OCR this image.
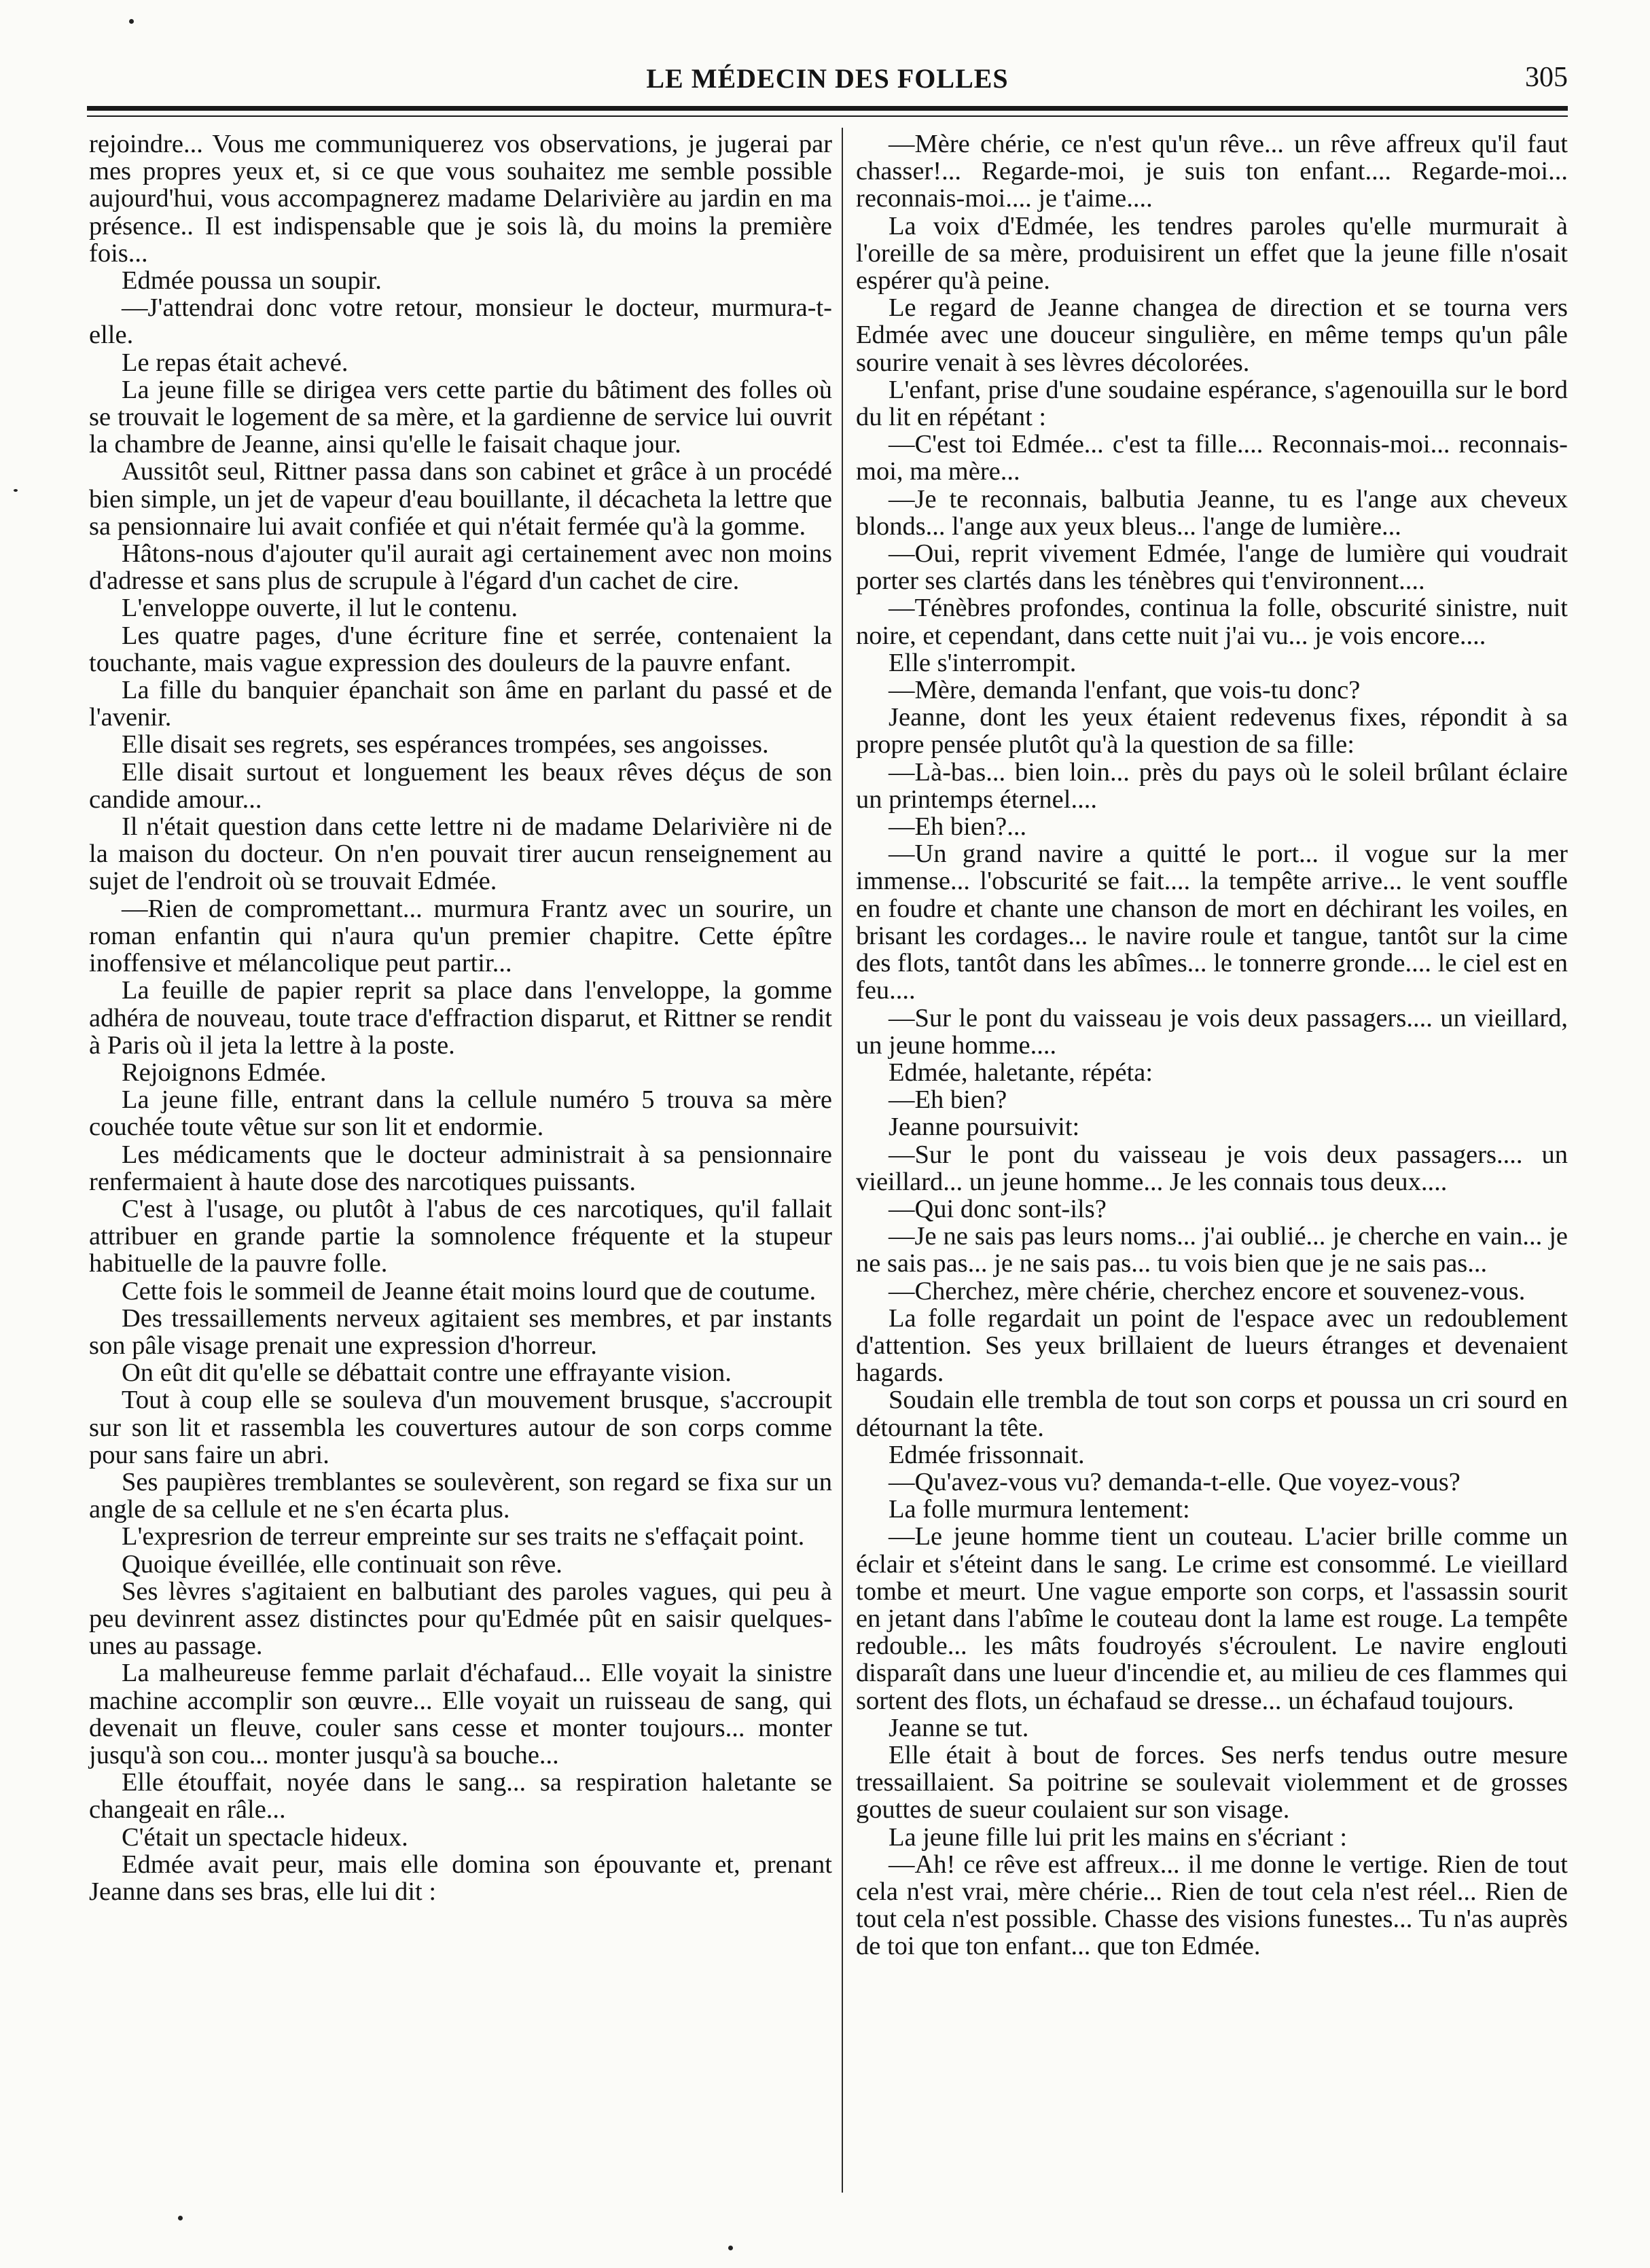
LE MÉDECIN DES FOLLES	305

rejoindre... Vous me communiquerez vos observations, je jugerai par mes propres yeux et, si ce que vous souhaitez me semble possible aujourd'hui, vous accompagnerez madame Delarivière au jardin en ma présence.. Il est indispensable que je sois là, du moins la première fois...

Edmée poussa un soupir.

—J'attendrai donc votre retour, monsieur le docteur, murmura-t-elle.

Le repas était achevé.

La jeune fille se dirigea vers cette partie du bâtiment des folles où se trouvait le logement de sa mère, et la gardienne de service lui ouvrit la chambre de Jeanne, ainsi qu'elle le faisait chaque jour.

Aussitôt seul, Rittner passa dans son cabinet et grâce à un procédé bien simple, un jet de vapeur d'eau bouillante, il décacheta la lettre que sa pensionnaire lui avait confiée et qui n'était fermée qu'à la gomme.

Hâtons-nous d'ajouter qu'il aurait agi certainement avec non moins d'adresse et sans plus de scrupule à l'égard d'un cachet de cire.

L'enveloppe ouverte, il lut le contenu.

Les quatre pages, d'une écriture fine et serrée, contenaient la touchante, mais vague expression des douleurs de la pauvre enfant.

La fille du banquier épanchait son âme en parlant du passé et de l'avenir.

Elle disait ses regrets, ses espérances trompées, ses angoisses.

Elle disait surtout et longuement les beaux rêves déçus de son candide amour...

Il n'était question dans cette lettre ni de madame Delarivière ni de la maison du docteur. On n'en pouvait tirer aucun renseignement au sujet de l'endroit où se trouvait Edmée.

—Rien de compromettant... murmura Frantz avec un sourire, un roman enfantin qui n'aura qu'un premier chapitre. Cette épître inoffensive et mélancolique peut partir...

La feuille de papier reprit sa place dans l'enveloppe, la gomme adhéra de nouveau, toute trace d'effraction disparut, et Rittner se rendit à Paris où il jeta la lettre à la poste.

Rejoignons Edmée.

La jeune fille, entrant dans la cellule numéro 5 trouva sa mère couchée toute vêtue sur son lit et endormie.

Les médicaments que le docteur administrait à sa pensionnaire renfermaient à haute dose des narcotiques puissants.

C'est à l'usage, ou plutôt à l'abus de ces narcotiques, qu'il fallait attribuer en grande partie la somnolence fréquente et la stupeur habituelle de la pauvre folle.

Cette fois le sommeil de Jeanne était moins lourd que de coutume.

Des tressaillements nerveux agitaient ses membres, et par instants son pâle visage prenait une expression d'horreur.

On eût dit qu'elle se débattait contre une effrayante vision.

Tout à coup elle se souleva d'un mouvement brusque, s'accroupit sur son lit et rassembla les couvertures autour de son corps comme pour sans faire un abri.

Ses paupières tremblantes se soulevèrent, son regard se fixa sur un angle de sa cellule et ne s'en écarta plus.

L'expresrion de terreur empreinte sur ses traits ne s'effaçait point.

Quoique éveillée, elle continuait son rêve.

Ses lèvres s'agitaient en balbutiant des paroles vagues, qui peu à peu devinrent assez distinctes pour qu'Edmée pût en saisir quelques-unes au passage.

La malheureuse femme parlait d'échafaud... Elle voyait la sinistre machine accomplir son œuvre... Elle voyait un ruisseau de sang, qui devenait un fleuve, couler sans cesse et monter toujours... monter jusqu'à son cou... monter jusqu'à sa bouche...

Elle étouffait, noyée dans le sang... sa respiration haletante se changeait en râle...

C'était un spectacle hideux.

Edmée avait peur, mais elle domina son épouvante et, prenant Jeanne dans ses bras, elle lui dit :

—Mère chérie, ce n'est qu'un rêve... un rêve affreux qu'il faut chasser!... Regarde-moi, je suis ton enfant.... Regarde-moi... reconnais-moi.... je t'aime....

La voix d'Edmée, les tendres paroles qu'elle murmurait à l'oreille de sa mère, produisirent un effet que la jeune fille n'osait espérer qu'à peine.

Le regard de Jeanne changea de direction et se tourna vers Edmée avec une douceur singulière, en même temps qu'un pâle sourire venait à ses lèvres décolorées.

L'enfant, prise d'une soudaine espérance, s'agenouilla sur le bord du lit en répétant :

—C'est toi Edmée... c'est ta fille.... Reconnais-moi... reconnais-moi, ma mère...

—Je te reconnais, balbutia Jeanne, tu es l'ange aux cheveux blonds... l'ange aux yeux bleus... l'ange de lumière...

—Oui, reprit vivement Edmée, l'ange de lumière qui voudrait porter ses clartés dans les ténèbres qui t'environnent....

—Ténèbres profondes, continua la folle, obscurité sinistre, nuit noire, et cependant, dans cette nuit j'ai vu... je vois encore....

Elle s'interrompit.

—Mère, demanda l'enfant, que vois-tu donc?

Jeanne, dont les yeux étaient redevenus fixes, répondit à sa propre pensée plutôt qu'à la question de sa fille:

—Là-bas... bien loin... près du pays où le soleil brûlant éclaire un printemps éternel....

—Eh bien?...

—Un grand navire a quitté le port... il vogue sur la mer immense... l'obscurité se fait.... la tempête arrive... le vent souffle en foudre et chante une chanson de mort en déchirant les voiles, en brisant les cordages... le navire roule et tangue, tantôt sur la cime des flots, tantôt dans les abîmes... le tonnerre gronde.... le ciel est en feu....

—Sur le pont du vaisseau je vois deux passagers.... un vieillard, un jeune homme....

Edmée, haletante, répéta:

—Eh bien?

Jeanne poursuivit:

—Sur le pont du vaisseau je vois deux passagers.... un vieillard... un jeune homme... Je les connais tous deux....

—Qui donc sont-ils?

—Je ne sais pas leurs noms... j'ai oublié... je cherche en vain... je ne sais pas... je ne sais pas... tu vois bien que je ne sais pas...

—Cherchez, mère chérie, cherchez encore et souvenez-vous.

La folle regardait un point de l'espace avec un redoublement d'attention. Ses yeux brillaient de lueurs étranges et devenaient hagards.

Soudain elle trembla de tout son corps et poussa un cri sourd en détournant la tête.

Edmée frissonnait.

—Qu'avez-vous vu? demanda-t-elle. Que voyez-vous?

La folle murmura lentement:

—Le jeune homme tient un couteau. L'acier brille comme un éclair et s'éteint dans le sang. Le crime est consommé. Le vieillard tombe et meurt. Une vague emporte son corps, et l'assassin sourit en jetant dans l'abîme le couteau dont la lame est rouge. La tempête redouble... les mâts foudroyés s'écroulent. Le navire englouti disparaît dans une lueur d'incendie et, au milieu de ces flammes qui sortent des flots, un échafaud se dresse... un échafaud toujours.

Jeanne se tut.

Elle était à bout de forces. Ses nerfs tendus outre mesure tressaillaient. Sa poitrine se soulevait violemment et de grosses gouttes de sueur coulaient sur son visage.

La jeune fille lui prit les mains en s'écriant :

—Ah! ce rêve est affreux... il me donne le vertige. Rien de tout cela n'est vrai, mère chérie... Rien de tout cela n'est réel... Rien de tout cela n'est possible. Chasse des visions funestes... Tu n'as auprès de toi que ton enfant... que ton Edmée.
